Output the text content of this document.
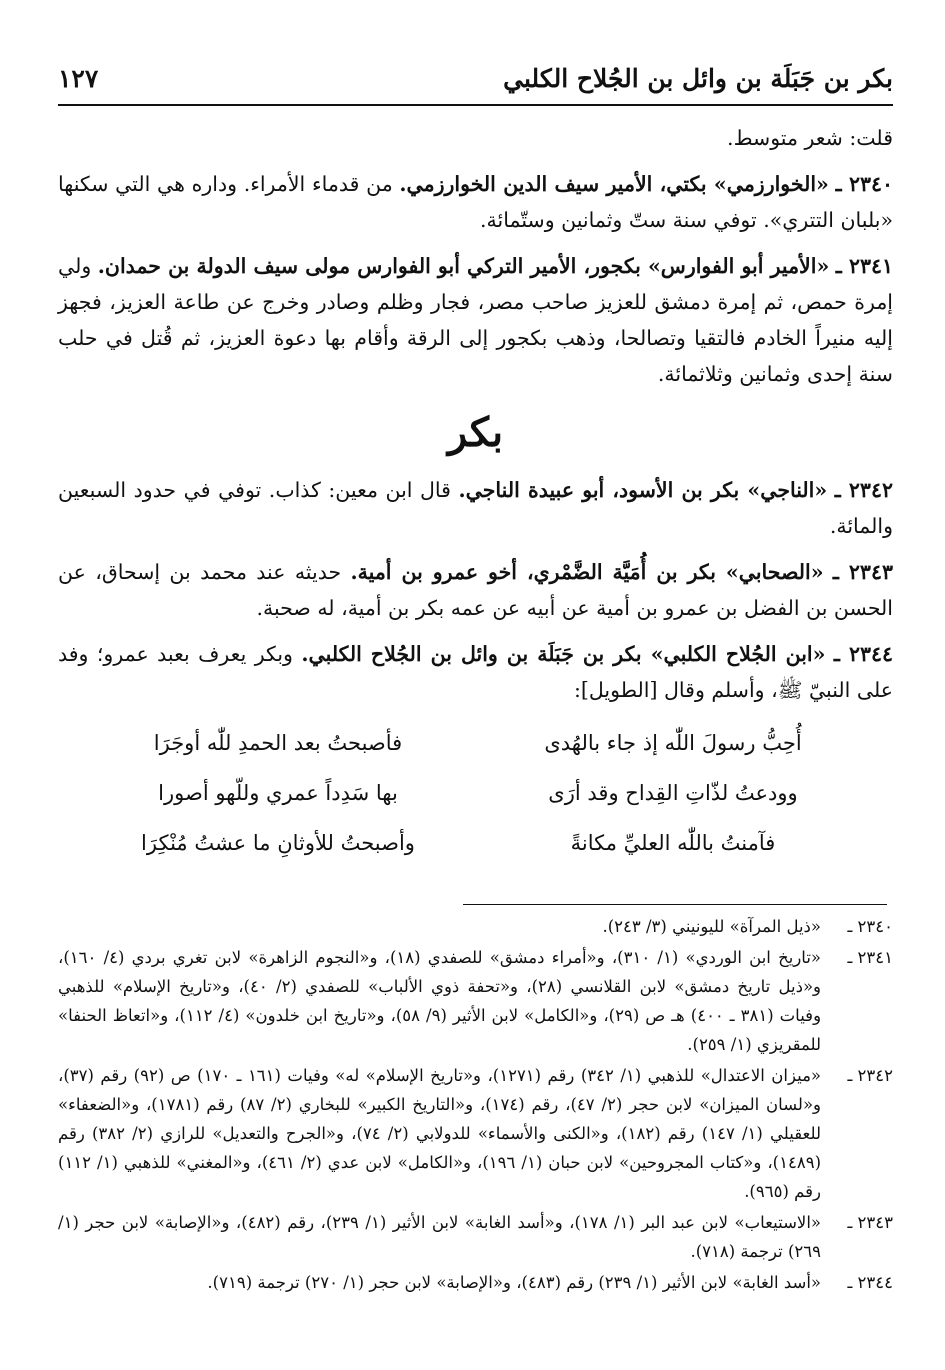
بكر بن جَبَلَة بن وائل بن الجُلاح الكلبي
١٢٧

قلت: شعر متوسط.

٢٣٤٠ ـ «الخوارزمي» بكتي، الأمير سيف الدين الخوارزمي. من قدماء الأمراء. وداره هي التي سكنها «بلبان التتري». توفي سنة ستّ وثمانين وستّمائة.

٢٣٤١ ـ «الأمير أبو الفوارس» بكجور، الأمير التركي أبو الفوارس مولى سيف الدولة بن حمدان. ولي إمرة حمص، ثم إمرة دمشق للعزيز صاحب مصر، فجار وظلم وصادر وخرج عن طاعة العزيز، فجهز إليه منيراً الخادم فالتقيا وتصالحا، وذهب بكجور إلى الرقة وأقام بها دعوة العزيز، ثم قُتل في حلب سنة إحدى وثمانين وثلاثمائة.

بكر

٢٣٤٢ ـ «الناجي» بكر بن الأسود، أبو عبيدة الناجي. قال ابن معين: كذاب. توفي في حدود السبعين والمائة.

٢٣٤٣ ـ «الصحابي» بكر بن أُمَيَّة الضَّمْري، أخو عمرو بن أمية. حديثه عند محمد بن إسحاق، عن الحسن بن الفضل بن عمرو بن أمية عن أبيه عن عمه بكر بن أمية، له صحبة.

٢٣٤٤ ـ «ابن الجُلاح الكلبي» بكر بن جَبَلَة بن وائل بن الجُلاح الكلبي. وبكر يعرف بعبد عمرو؛ وفد على النبيّ ﷺ، وأسلم وقال [الطويل]:

أُحِبُّ رسولَ اللّٰه إذ جاء بالهُدى
فأصبحتُ بعد الحمدِ للّٰه أوجَرَا
وودعتُ لذّاتِ القِداح وقد أرَى
بها سَدِداً عمري وللّهو أصورا
فآمنتُ باللّٰه العليِّ مكانةً
وأصبحتُ للأوثانِ ما عشتُ مُنْكِرَا
٢٣٤٠ ـ
«ذيل المرآة» لليونيني (٣/ ٢٤٣).
٢٣٤١ ـ
«تاريخ ابن الوردي» (١/ ٣١٠)، و«أمراء دمشق» للصفدي (١٨)، و«النجوم الزاهرة» لابن تغري بردي (٤/ ١٦٠)، و«ذيل تاريخ دمشق» لابن القلانسي (٢٨)، و«تحفة ذوي الألباب» للصفدي (٢/ ٤٠)، و«تاريخ الإسلام» للذهبي وفيات (٣٨١ ـ ٤٠٠) هـ ص (٢٩)، و«الكامل» لابن الأثير (٩/ ٥٨)، و«تاريخ ابن خلدون» (٤/ ١١٢)، و«اتعاظ الحنفا» للمقريزي (١/ ٢٥٩).
٢٣٤٢ ـ
«ميزان الاعتدال» للذهبي (١/ ٣٤٢) رقم (١٢٧١)، و«تاريخ الإسلام» له» وفيات (١٦١ ـ ١٧٠) ص (٩٢) رقم (٣٧)، و«لسان الميزان» لابن حجر (٢/ ٤٧)، رقم (١٧٤)، و«التاريخ الكبير» للبخاري (٢/ ٨٧) رقم (١٧٨١)، و«الضعفاء» للعقيلي (١/ ١٤٧) رقم (١٨٢)، و«الكنى والأسماء» للدولابي (٢/ ٧٤)، و«الجرح والتعديل» للرازي (٢/ ٣٨٢) رقم (١٤٨٩)، و«كتاب المجروحين» لابن حبان (١/ ١٩٦)، و«الكامل» لابن عدي (٢/ ٤٦١)، و«المغني» للذهبي (١/ ١١٢) رقم (٩٦٥).
٢٣٤٣ ـ
«الاستيعاب» لابن عبد البر (١/ ١٧٨)، و«أسد الغابة» لابن الأثير (١/ ٢٣٩)، رقم (٤٨٢)، و«الإصابة» لابن حجر (١/ ٢٦٩) ترجمة (٧١٨).
٢٣٤٤ ـ
«أسد الغابة» لابن الأثير (١/ ٢٣٩) رقم (٤٨٣)، و«الإصابة» لابن حجر (١/ ٢٧٠) ترجمة (٧١٩).
